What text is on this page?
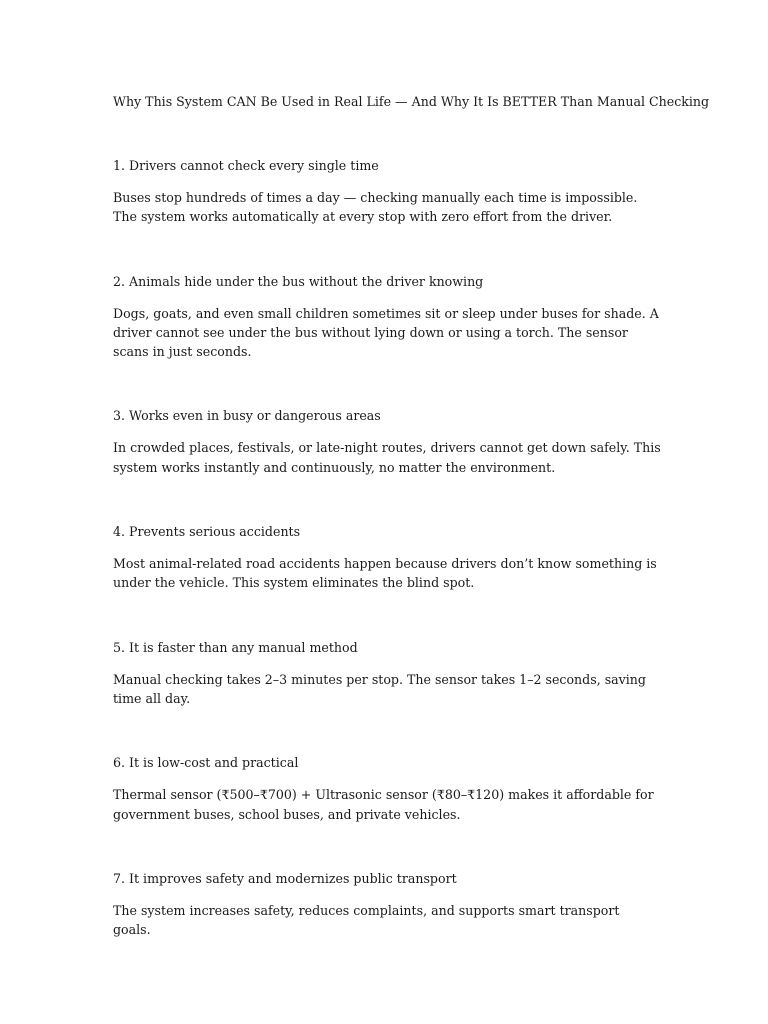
Why This System CAN Be Used in Real Life — And Why It Is BETTER Than Manual Checking

1. Drivers cannot check every single time

Buses stop hundreds of times a day — checking manually each time is impossible. The system works automatically at every stop with zero effort from the driver.

2. Animals hide under the bus without the driver knowing

Dogs, goats, and even small children sometimes sit or sleep under buses for shade. A driver cannot see under the bus without lying down or using a torch. The sensor scans in just seconds.

3. Works even in busy or dangerous areas

In crowded places, festivals, or late-night routes, drivers cannot get down safely. This system works instantly and continuously, no matter the environment.

4. Prevents serious accidents

Most animal-related road accidents happen because drivers don’t know something is under the vehicle. This system eliminates the blind spot.

5. It is faster than any manual method

Manual checking takes 2–3 minutes per stop. The sensor takes 1–2 seconds, saving time all day.

6. It is low-cost and practical

Thermal sensor (₹500–₹700) + Ultrasonic sensor (₹80–₹120) makes it affordable for government buses, school buses, and private vehicles.

7. It improves safety and modernizes public transport

The system increases safety, reduces complaints, and supports smart transport goals.
